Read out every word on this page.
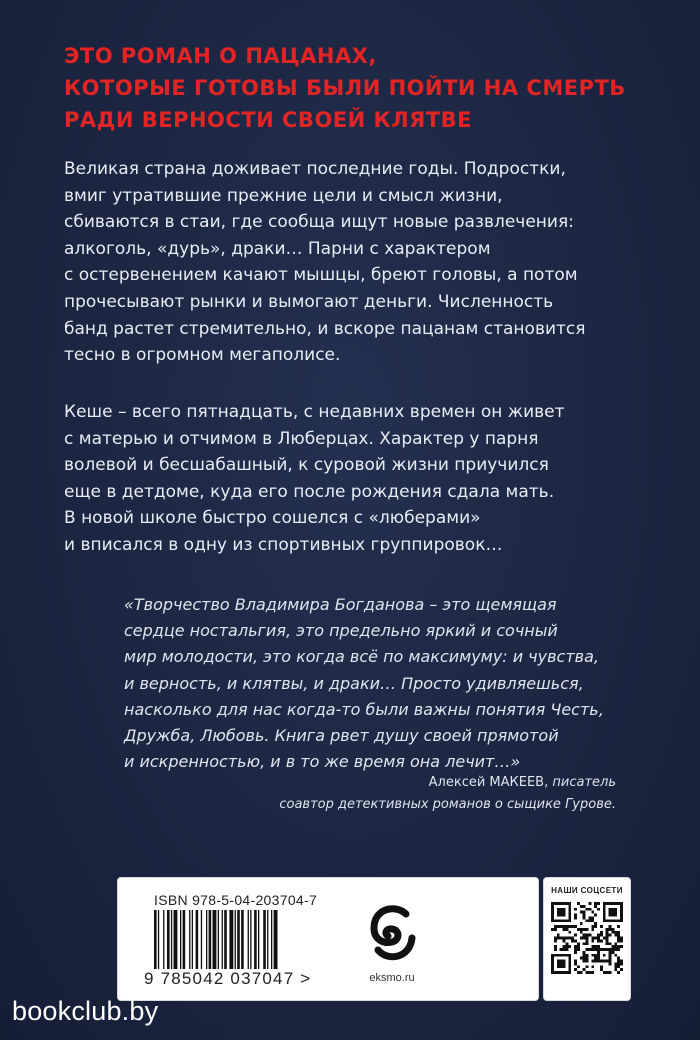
ЭТО РОМАН О ПАЦАНАХ,
КОТОРЫЕ ГОТОВЫ БЫЛИ ПОЙТИ НА СМЕРТЬ
РАДИ ВЕРНОСТИ СВОЕЙ КЛЯТВЕ
Великая страна доживает последние годы. Подростки,
вмиг утратившие прежние цели и смысл жизни,
сбиваются в стаи, где сообща ищут новые развлечения:
алкоголь, «дурь», драки… Парни с характером
с остервенением качают мышцы, бреют головы, а потом
прочесывают рынки и вымогают деньги. Численность
банд растет стремительно, и вскоре пацанам становится
тесно в огромном мегаполисе.
Кеше – всего пятнадцать, с недавних времен он живет
с матерью и отчимом в Люберцах. Характер у парня
волевой и бесшабашный, к суровой жизни приучился
еще в детдоме, куда его после рождения сдала мать.
В новой школе быстро сошелся с «люберами»
и вписался в одну из спортивных группировок…
«Творчество Владимира Богданова – это щемящая
сердце ностальгия, это предельно яркий и сочный
мир молодости, это когда всё по максимуму: и чувства,
и верность, и клятвы, и драки… Просто удивляешься,
насколько для нас когда-то были важны понятия Честь,
Дружба, Любовь. Книга рвет душу своей прямотой
и искренностью, и в то же время она лечит…»
Алексей МАКЕЕВ, писатель
соавтор детективных романов о сыщике Гурове.
ISBN 978-5-04-203704-7
9 785042 037047 >	eksmo.ru
НАШИ СОЦСЕТИ
bookclub.by
